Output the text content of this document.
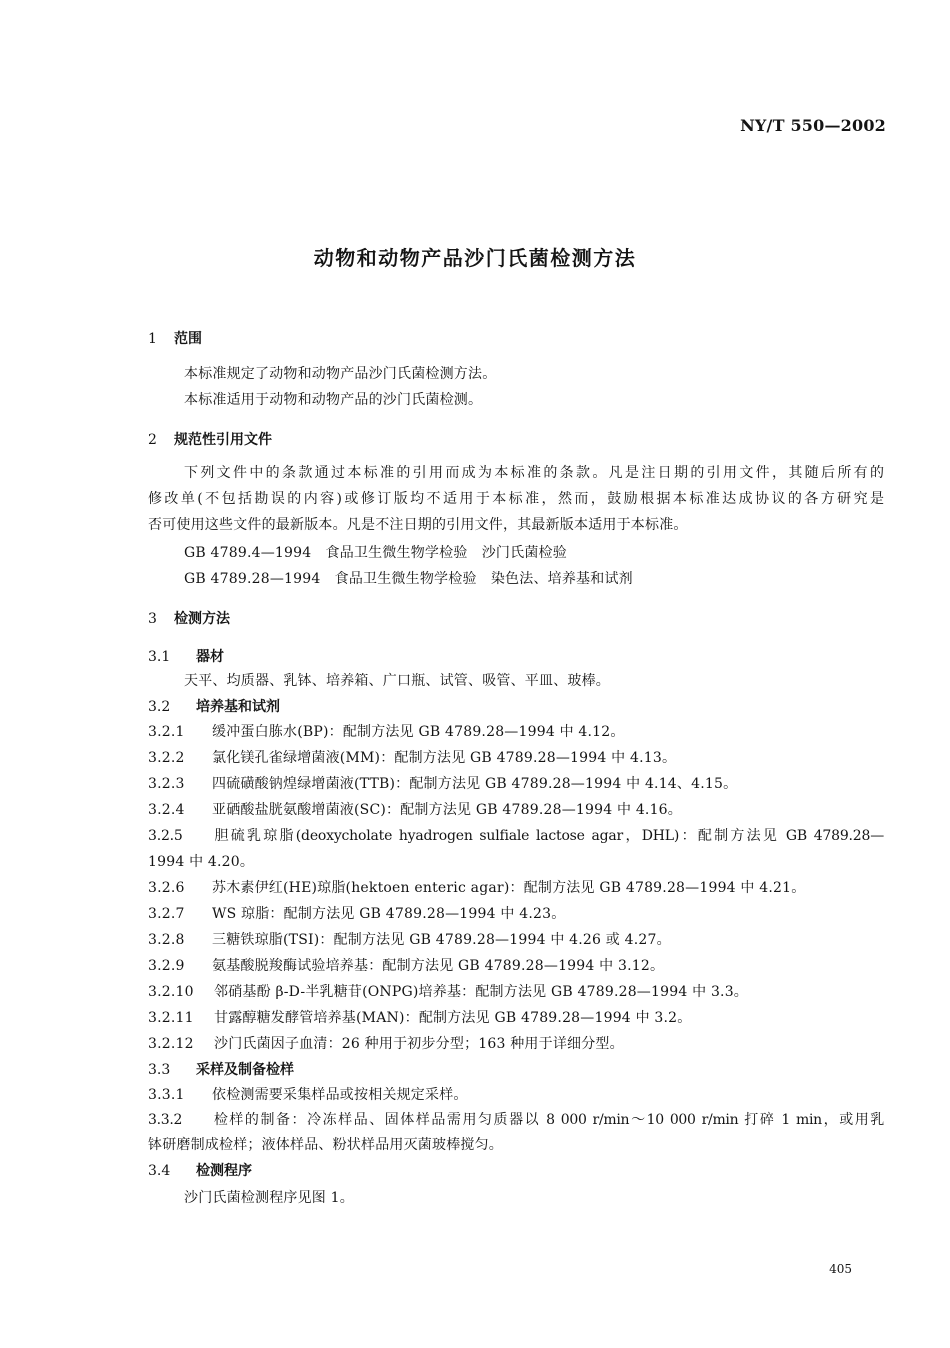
NY/T 550—2002
动物和动物产品沙门氏菌检测方法
1 范围
本标准规定了动物和动物产品沙门氏菌检测方法。
本标准适用于动物和动物产品的沙门氏菌检测。
2 规范性引用文件
下列文件中的条款通过本标准的引用而成为本标准的条款。凡是注日期的引用文件，其随后所有的
修改单(不包括勘误的内容)或修订版均不适用于本标准，然而，鼓励根据本标准达成协议的各方研究是
否可使用这些文件的最新版本。凡是不注日期的引用文件，其最新版本适用于本标准。
GB 4789.4—1994　食品卫生微生物学检验　沙门氏菌检验
GB 4789.28—1994　食品卫生微生物学检验　染色法、培养基和试剂
3 检测方法
3.1 器材
天平、均质器、乳钵、培养箱、广口瓶、试管、吸管、平皿、玻棒。
3.2 培养基和试剂
3.2.1 缓冲蛋白胨水(BP)：配制方法见 GB 4789.28—1994 中 4.12。
3.2.2 氯化镁孔雀绿增菌液(MM)：配制方法见 GB 4789.28—1994 中 4.13。
3.2.3 四硫磺酸钠煌绿增菌液(TTB)：配制方法见 GB 4789.28—1994 中 4.14、4.15。
3.2.4 亚硒酸盐胱氨酸增菌液(SC)：配制方法见 GB 4789.28—1994 中 4.16。
3.2.5 胆硫乳琼脂(deoxycholate hyadrogen sulfiale lactose agar，DHL)：配制方法见 GB 4789.28—
1994 中 4.20。
3.2.6 苏木素伊红(HE)琼脂(hektoen enteric agar)：配制方法见 GB 4789.28—1994 中 4.21。
3.2.7 WS 琼脂：配制方法见 GB 4789.28—1994 中 4.23。
3.2.8 三糖铁琼脂(TSI)：配制方法见 GB 4789.28—1994 中 4.26 或 4.27。
3.2.9 氨基酸脱羧酶试验培养基：配制方法见 GB 4789.28—1994 中 3.12。
3.2.10 邻硝基酚 β-D-半乳糖苷(ONPG)培养基：配制方法见 GB 4789.28—1994 中 3.3。
3.2.11 甘露醇糖发酵管培养基(MAN)：配制方法见 GB 4789.28—1994 中 3.2。
3.2.12 沙门氏菌因子血清：26 种用于初步分型；163 种用于详细分型。
3.3 采样及制备检样
3.3.1 依检测需要采集样品或按相关规定采样。
3.3.2 检样的制备：冷冻样品、固体样品需用匀质器以 8 000 r/min～10 000 r/min 打碎 1 min，或用乳
钵研磨制成检样；液体样品、粉状样品用灭菌玻棒搅匀。
3.4 检测程序
沙门氏菌检测程序见图 1。
405
